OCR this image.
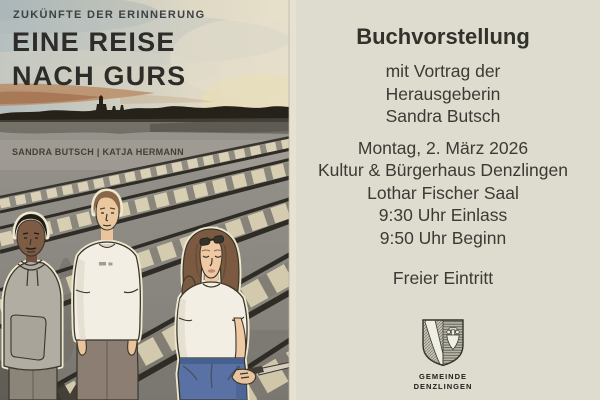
ZUKÜNFTE DER ERINNERUNG
EINE REISE
NACH GURS
SANDRA BUTSCH | KATJA HERMANN
Buchvorstellung
mit Vortrag der
Herausgeberin
Sandra Butsch
Montag, 2. März 2026
Kultur & Bürgerhaus Denzlingen
Lothar Fischer Saal
9:30 Uhr Einlass
9:50 Uhr Beginn
Freier Eintritt
GEMEINDE
DENZLINGEN
